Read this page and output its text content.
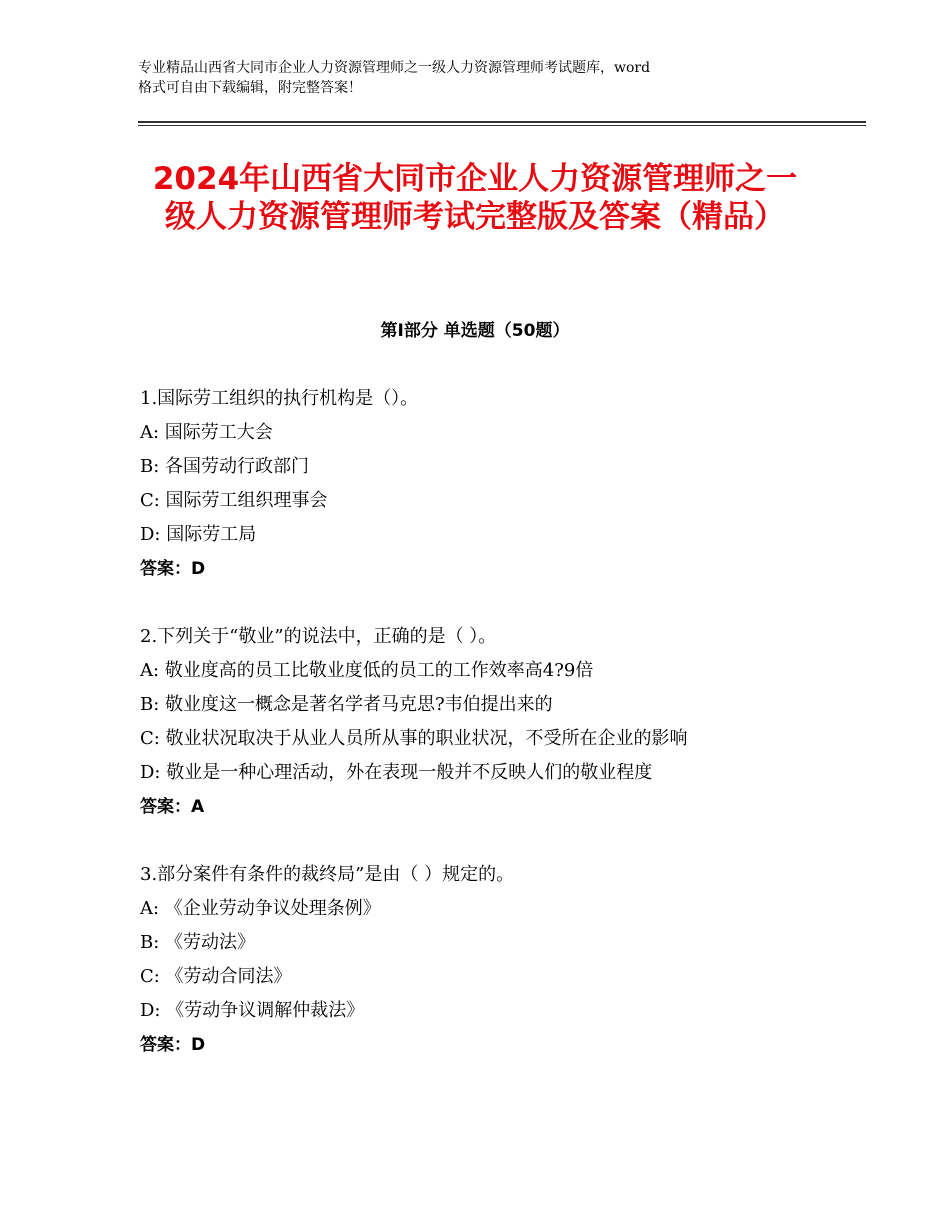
专业精品山西省大同市企业人力资源管理师之一级人力资源管理师考试题库，word
格式可自由下载编辑，附完整答案！
2024年山西省大同市企业人力资源管理师之一级人力资源管理师考试完整版及答案（精品）
第Ⅰ部分 单选题（50题）
1.国际劳工组织的执行机构是（）。
A: 国际劳工大会
B: 各国劳动行政部门
C: 国际劳工组织理事会
D: 国际劳工局
答案：D
2.下列关于“敬业”的说法中，正确的是（ ）。
A: 敬业度高的员工比敬业度低的员工的工作效率高4?9倍
B: 敬业度这一概念是著名学者马克思?韦伯提出来的
C: 敬业状况取决于从业人员所从事的职业状况，不受所在企业的影响
D: 敬业是一种心理活动，外在表现一般并不反映人们的敬业程度
答案：A
3.部分案件有条件的裁终局”是由（ ）规定的。
A: 《企业劳动争议处理条例》
B: 《劳动法》
C: 《劳动合同法》
D: 《劳动争议调解仲裁法》
答案：D
